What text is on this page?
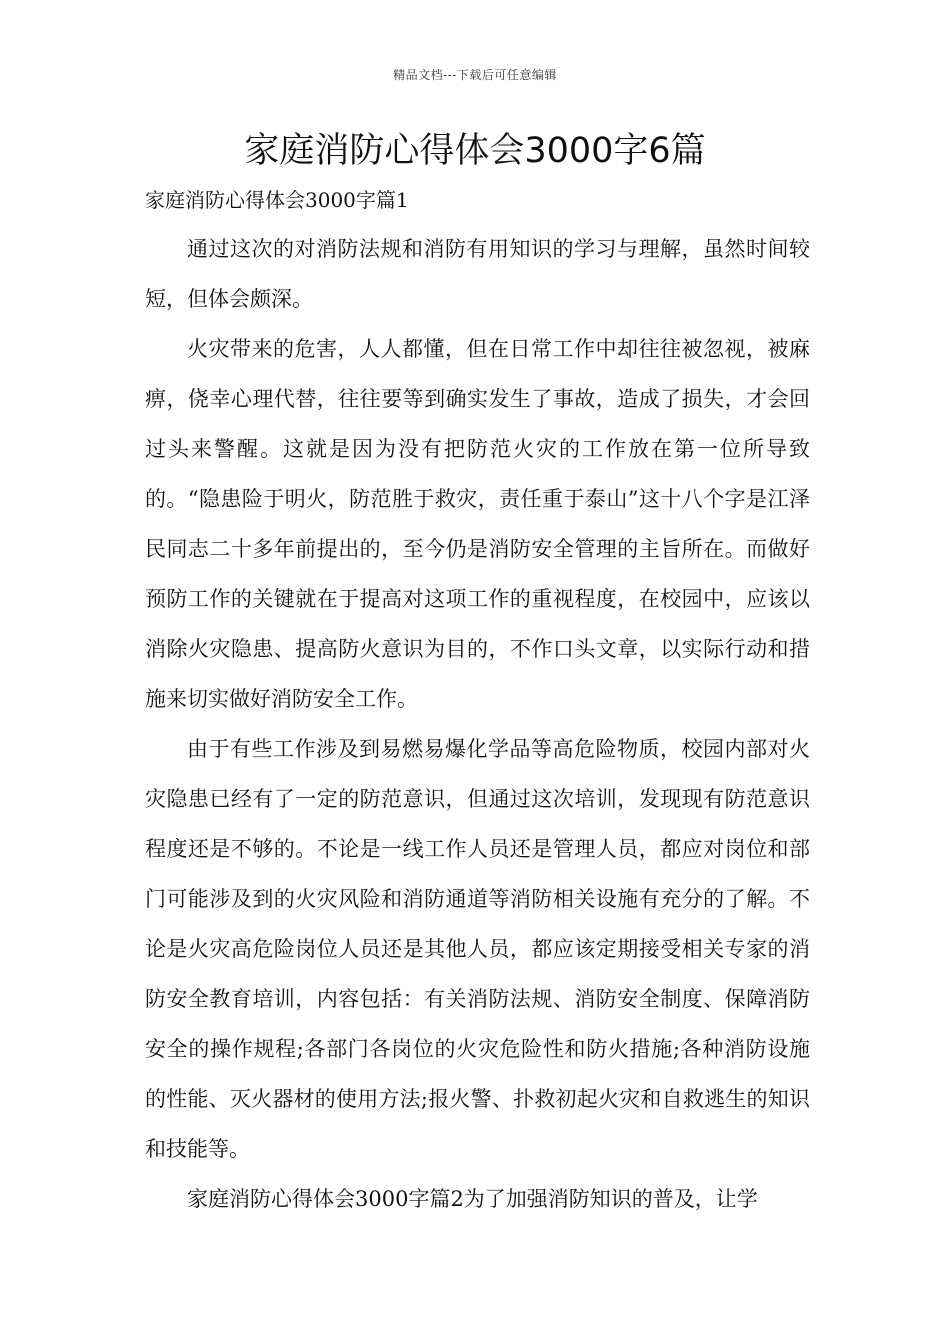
精品文档---下载后可任意编辑
家庭消防心得体会3000字6篇
家庭消防心得体会3000字篇1

通过这次的对消防法规和消防有用知识的学习与理解，虽然时间较短，但体会颇深。

火灾带来的危害，人人都懂，但在日常工作中却往往被忽视，被麻痹，侥幸心理代替，往往要等到确实发生了事故，造成了损失，才会回过头来警醒。这就是因为没有把防范火灾的工作放在第一位所导致的。“隐患险于明火，防范胜于救灾，责任重于泰山”这十八个字是江泽民同志二十多年前提出的，至今仍是消防安全管理的主旨所在。而做好预防工作的关键就在于提高对这项工作的重视程度，在校园中，应该以消除火灾隐患、提高防火意识为目的，不作口头文章，以实际行动和措施来切实做好消防安全工作。

由于有些工作涉及到易燃易爆化学品等高危险物质，校园内部对火灾隐患已经有了一定的防范意识，但通过这次培训，发现现有防范意识程度还是不够的。不论是一线工作人员还是管理人员，都应对岗位和部门可能涉及到的火灾风险和消防通道等消防相关设施有充分的了解。不论是火灾高危险岗位人员还是其他人员，都应该定期接受相关专家的消防安全教育培训，内容包括：有关消防法规、消防安全制度、保障消防安全的操作规程;各部门各岗位的火灾危险性和防火措施;各种消防设施的性能、灭火器材的使用方法;报火警、扑救初起火灾和自救逃生的知识和技能等。

家庭消防心得体会3000字篇2为了加强消防知识的普及，让学
